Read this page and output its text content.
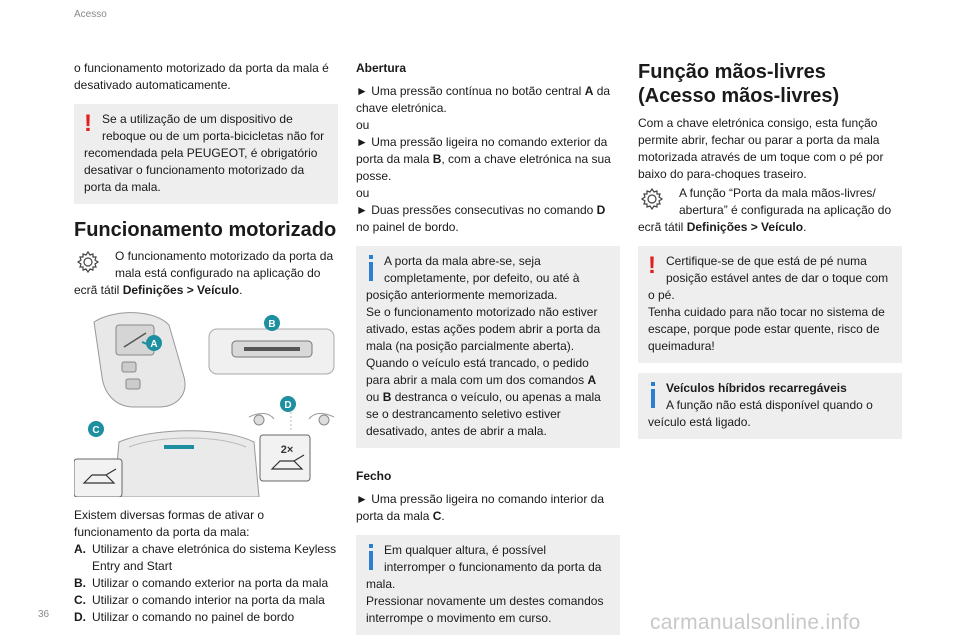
Acesso

o funcionamento motorizado da porta da mala é desativado automaticamente.

! Se a utilização de um dispositivo de reboque ou de um porta-bicicletas não for recomendada pela PEUGEOT, é obrigatório desativar o funcionamento motorizado da porta da mala.
Funcionamento motorizado
O funcionamento motorizado da porta da mala está configurado na aplicação do ecrã tátil Definições > Veículo.
A
B
D
2×
C

Existem diversas formas de ativar o funcionamento da porta da mala:

A. Utilizar a chave eletrónica do sistema Keyless Entry and Start
B. Utilizar o comando exterior na porta da mala
C. Utilizar o comando interior na porta da mala
D. Utilizar o comando no painel de bordo
Abertura

► Uma pressão contínua no botão central A da chave eletrónica.

ou

► Uma pressão ligeira no comando exterior da porta da mala B, com a chave eletrónica na sua posse.

ou

► Duas pressões consecutivas no comando D no painel de bordo.

A porta da mala abre-se, seja completamente, por defeito, ou até à posição anteriormente memorizada.

Se o funcionamento motorizado não estiver ativado, estas ações podem abrir a porta da mala (na posição parcialmente aberta).

Quando o veículo está trancado, o pedido para abrir a mala com um dos comandos A ou B destranca o veículo, ou apenas a mala se o destrancamento seletivo estiver desativado, antes de abrir a mala.

Fecho

► Uma pressão ligeira no comando interior da porta da mala C.

Em qualquer altura, é possível interromper o funcionamento da porta da mala.

Pressionar novamente um destes comandos interrompe o movimento em curso.

Função mãos-livres (Acesso mãos-livres)

Com a chave eletrónica consigo, esta função permite abrir, fechar ou parar a porta da mala motorizada através de um toque com o pé por baixo do para-choques traseiro.

A função “Porta da mala mãos-livres/ abertura” é configurada na aplicação do ecrã tátil Definições > Veículo.
! Certifique-se de que está de pé numa posição estável antes de dar o toque com o pé.

Tenha cuidado para não tocar no sistema de escape, porque pode estar quente, risco de queimadura!

Veículos híbridos recarregáveis

A função não está disponível quando o veículo está ligado.

36	carmanualsonline.info
